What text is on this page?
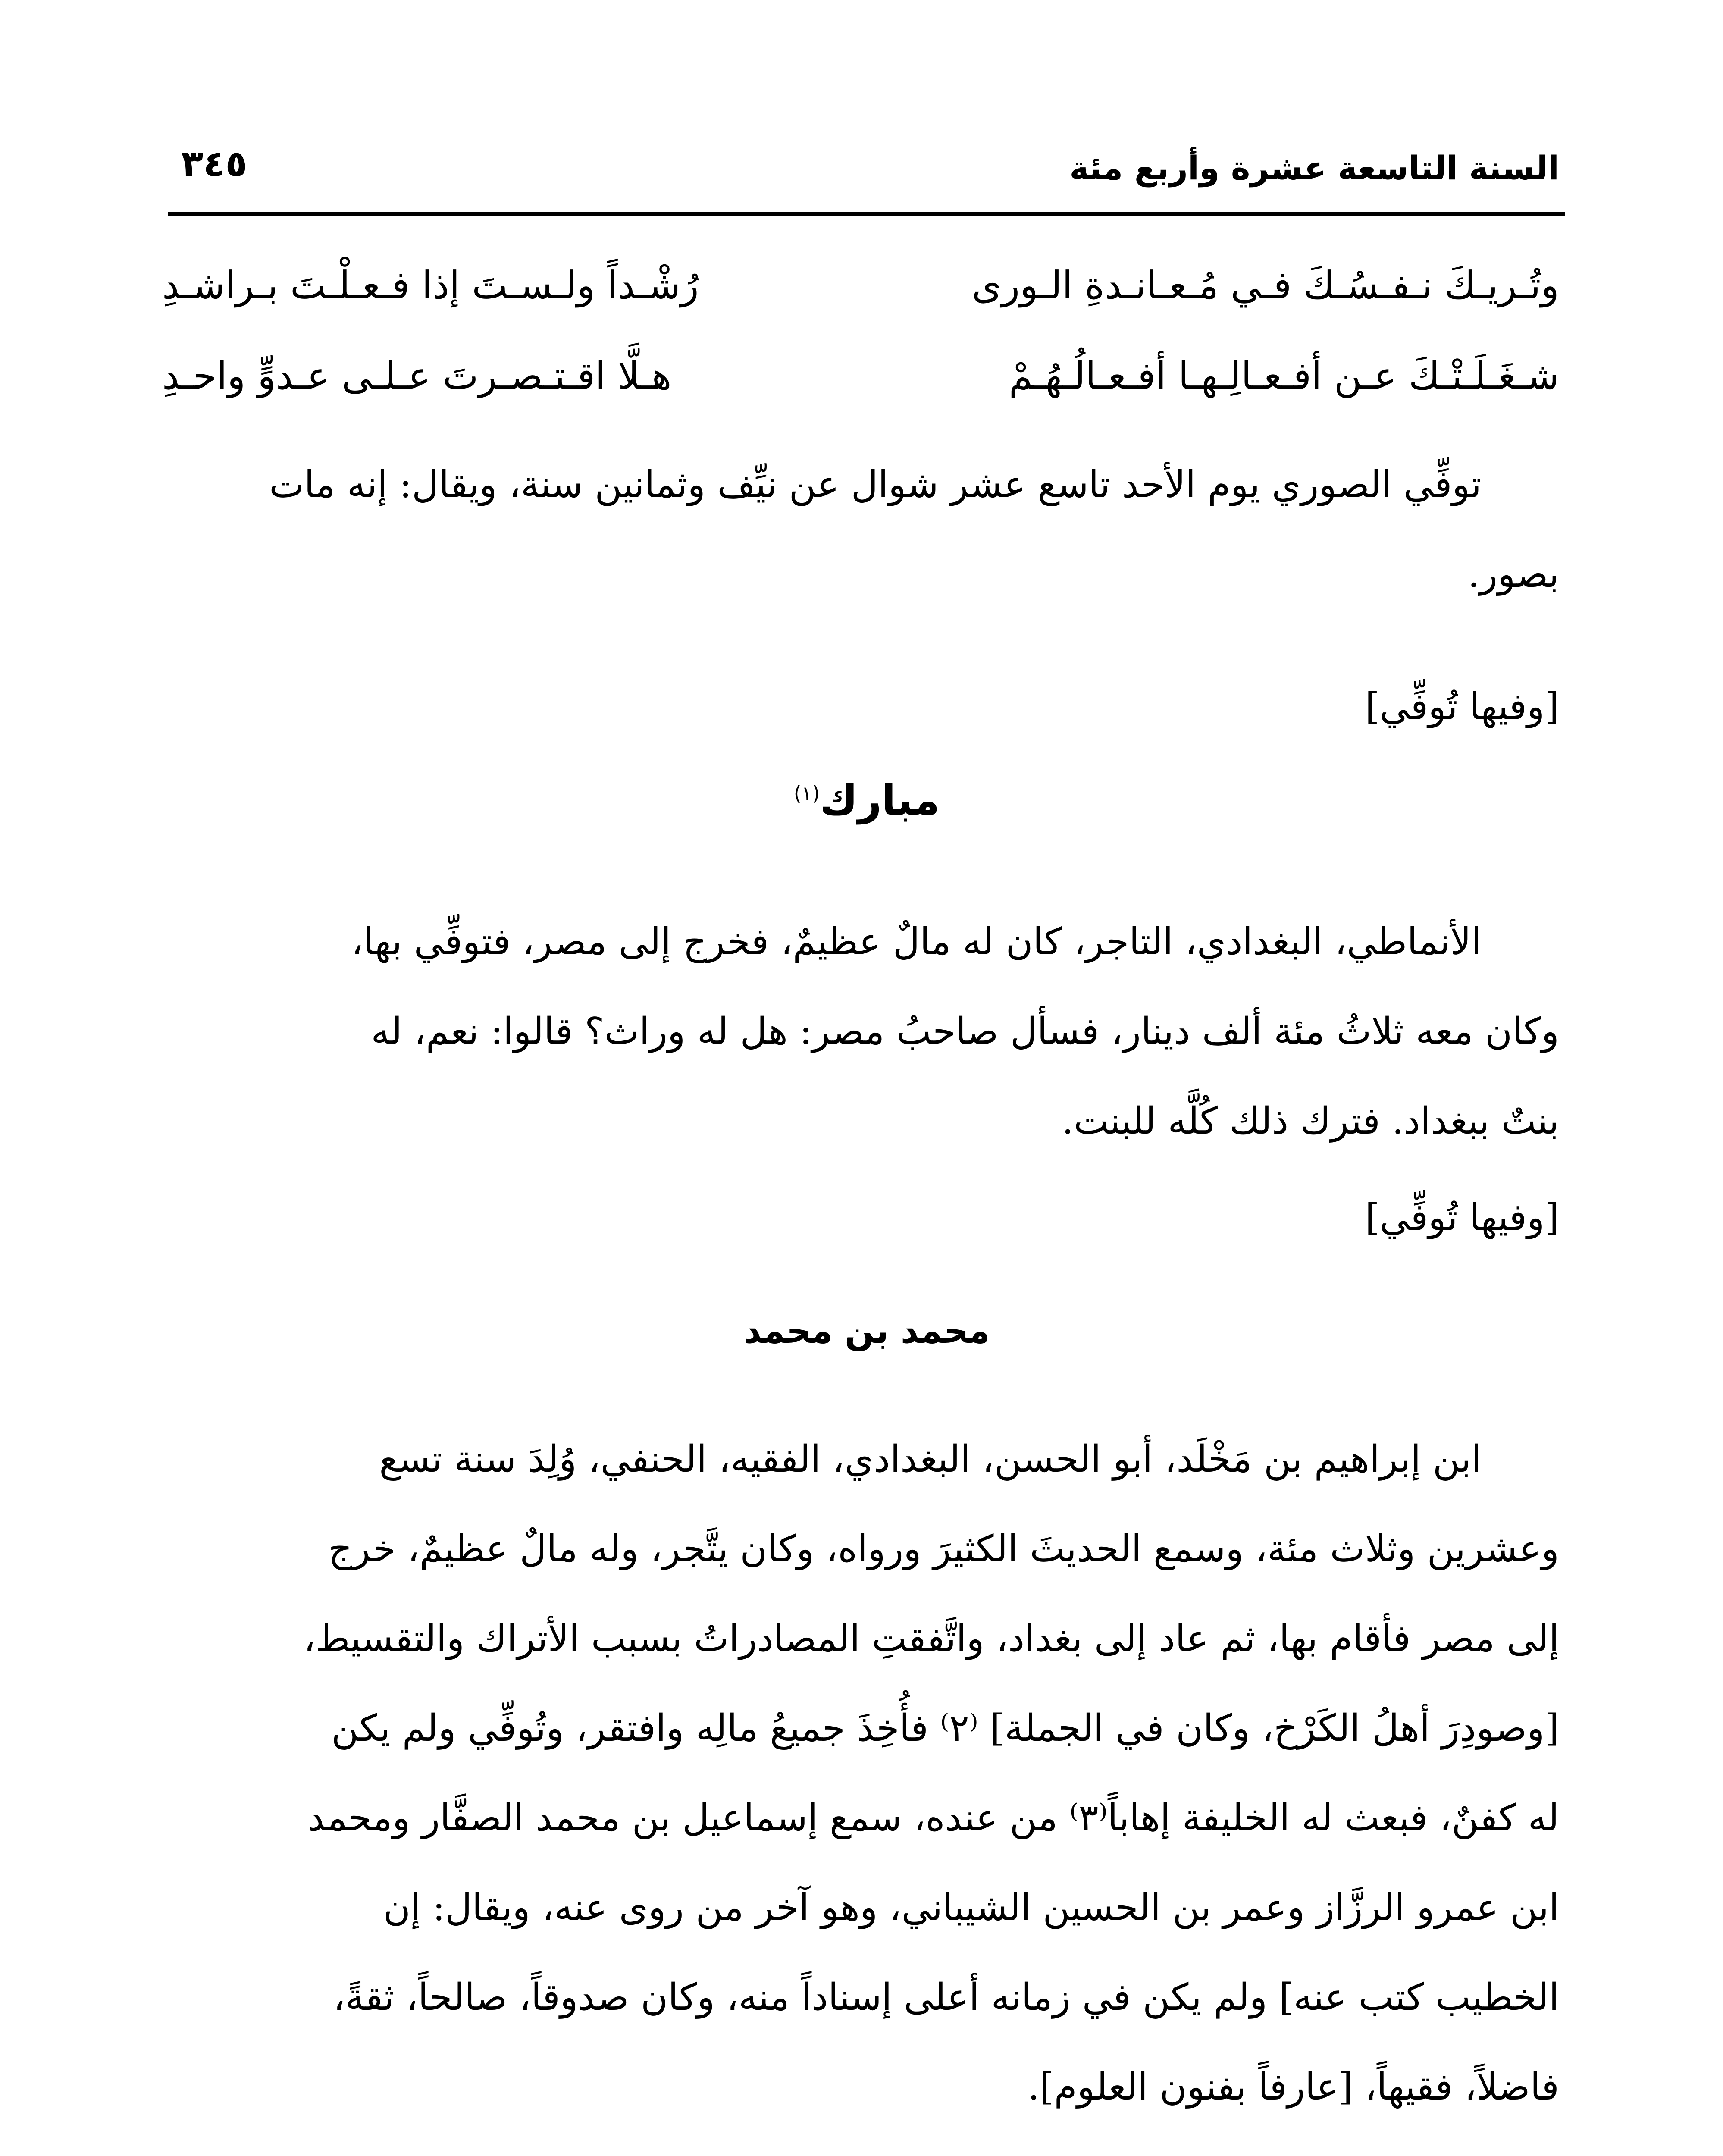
السنة التاسعة عشرة وأربع مئة
٣٤٥
وتُـريـكَ نـفـسُـكَ فـي مُـعـانـدةِ الـورى
رُشْـداً ولـسـتَ إذا فـعـلْـتَ بـراشـدِ
شـغَـلَـتْـكَ عـن أفـعـالِـهـا أفـعـالُـهُـمْ
هـلَّا اقـتـصـرتَ عـلـى عـدوٍّ واحـدِ

توفِّي الصوري يوم الأحد تاسع عشر شوال عن نيِّف وثمانين سنة، ويقال: إنه مات

بصور.

[وفيها تُوفِّي]

مبارك$^{(١)}$

الأنماطي، البغدادي، التاجر، كان له مالٌ عظيمٌ، فخرج إلى مصر، فتوفِّي بها،

وكان معه ثلاثُ مئة ألف دينار، فسأل صاحبُ مصر: هل له وراث؟ قالوا: نعم، له

بنتٌ ببغداد. فترك ذلك كُلَّه للبنت.

[وفيها تُوفِّي]

محمد بن محمد

ابن إبراهيم بن مَخْلَد، أبو الحسن، البغدادي، الفقيه، الحنفي، وُلِدَ سنة تسع

وعشرين وثلاث مئة، وسمع الحديثَ الكثيرَ ورواه، وكان يتَّجر، وله مالٌ عظيمٌ، خرج

إلى مصر فأقام بها، ثم عاد إلى بغداد، واتَّفقتِ المصادراتُ بسبب الأتراك والتقسيط،

[وصودِرَ أهلُ الكَرْخ، وكان في الجملة] ⁽٢⁾ فأُخِذَ جميعُ مالِه وافتقر، وتُوفِّي ولم يكن

له كفنٌ، فبعث له الخليفة إهاباً⁽٣⁾ من عنده، سمع إسماعيل بن محمد الصفَّار ومحمد

ابن عمرو الرزَّاز وعمر بن الحسين الشيباني، وهو آخر من روى عنه، ويقال: إن

الخطيب كتب عنه] ولم يكن في زمانه أعلى إسناداً منه، وكان صدوقاً، صالحاً، ثقةً،

فاضلاً، فقيهاً، [عارفاً بفنون العلوم].
